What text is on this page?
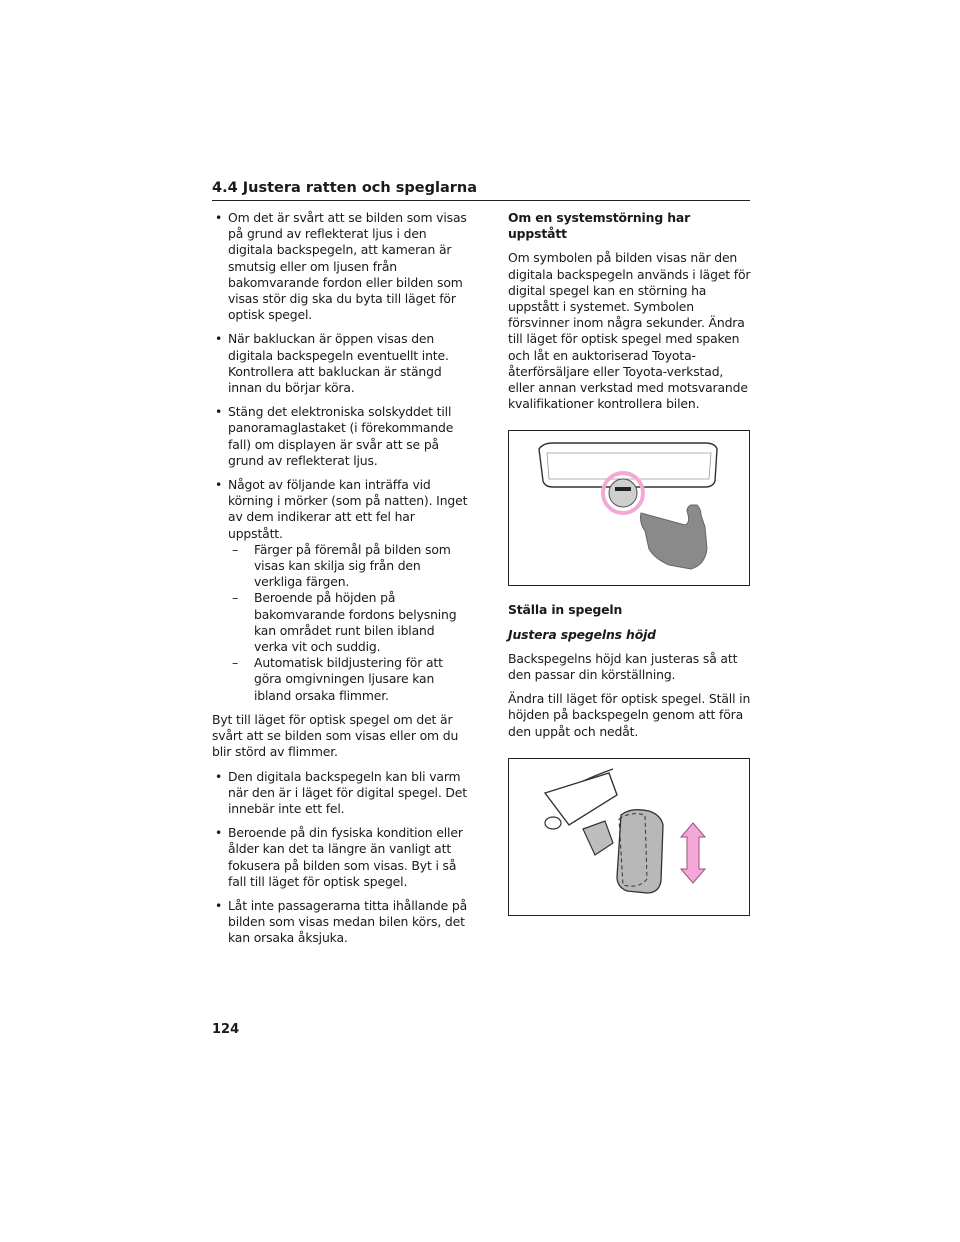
4.4 Justera ratten och speglarna
• Om det är svårt att se bilden som visas på grund av reflekterat ljus i den digitala backspegeln, att kameran är smutsig eller om ljusen från bakomvarande fordon eller bilden som visas stör dig ska du byta till läget för optisk spegel.
• När bakluckan är öppen visas den digitala backspegeln eventuellt inte. Kontrollera att bakluckan är stängd innan du börjar köra.
• Stäng det elektroniska solskyddet till panoramaglastaket (i förekommande fall) om displayen är svår att se på grund av reflekterat ljus.
• Något av följande kan inträffa vid körning i mörker (som på natten). Inget av dem indikerar att ett fel har uppstått.
– Färger på föremål på bilden som visas kan skilja sig från den verkliga färgen.
– Beroende på höjden på bakomvarande fordons belysning kan området runt bilen ibland verka vit och suddig.
– Automatisk bildjustering för att göra omgivningen ljusare kan ibland orsaka flimmer.

Byt till läget för optisk spegel om det är svårt att se bilden som visas eller om du blir störd av flimmer.

• Den digitala backspegeln kan bli varm när den är i läget för digital spegel. Det innebär inte ett fel.
• Beroende på din fysiska kondition eller ålder kan det ta längre än vanligt att fokusera på bilden som visas. Byt i så fall till läget för optisk spegel.
• Låt inte passagerarna titta ihållande på bilden som visas medan bilen körs, det kan orsaka åksjuka.

Om en systemstörning har uppstått

Om symbolen på bilden visas när den digitala backspegeln används i läget för digital spegel kan en störning ha uppstått i systemet. Symbolen försvinner inom några sekunder. Ändra till läget för optisk spegel med spaken och låt en auktoriserad Toyota-återförsäljare eller Toyota-verkstad, eller annan verkstad med motsvarande kvalifikationer kontrollera bilen.

Ställa in spegeln

Justera spegelns höjd

Backspegelns höjd kan justeras så att den passar din körställning.

Ändra till läget för optisk spegel. Ställ in höjden på backspegeln genom att föra den uppåt och nedåt.

124
